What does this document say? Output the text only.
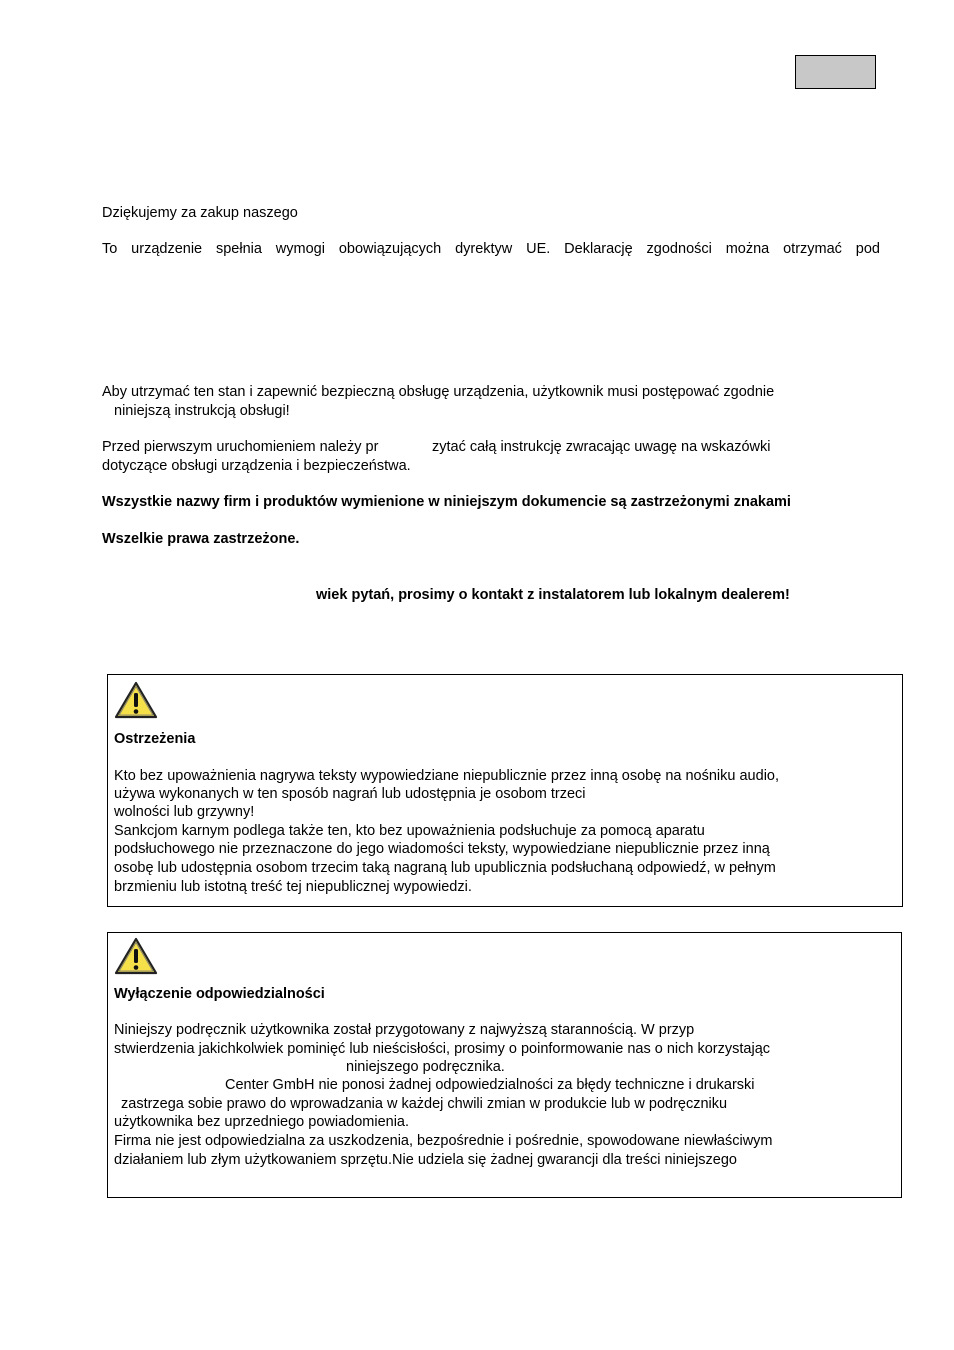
Dziękujemy za zakup naszego
To urządzenie spełnia wymogi obowiązujących dyrektyw UE. Deklarację zgodności można otrzymać pod
Aby utrzymać ten stan i zapewnić bezpieczną obsługę urządzenia, użytkownik musi postępować zgodnie
niniejszą instrukcją obsługi!
Przed pierwszym uruchomieniem należy pr	zytać całą instrukcję zwracając uwagę na wskazówki
dotyczące obsługi urządzenia i bezpieczeństwa.
Wszystkie nazwy firm i produktów wymienione w niniejszym dokumencie są zastrzeżonymi znakami
Wszelkie prawa zastrzeżone.
wiek pytań, prosimy o kontakt z instalatorem lub lokalnym dealerem!
Ostrzeżenia
Kto bez upoważnienia nagrywa teksty wypowiedziane niepublicznie przez inną osobę na nośniku audio,
używa wykonanych w ten sposób nagrań lub udostępnia je osobom trzeci
wolności lub grzywny!
Sankcjom karnym podlega także ten, kto bez upoważnienia podsłuchuje za pomocą aparatu
podsłuchowego nie przeznaczone do jego wiadomości teksty, wypowiedziane niepublicznie przez inną
osobę lub udostępnia osobom trzecim taką nagraną lub upublicznia podsłuchaną odpowiedź, w pełnym
brzmieniu lub istotną treść tej niepublicznej wypowiedzi.
Wyłączenie odpowiedzialności
Niniejszy podręcznik użytkownika został przygotowany z najwyższą starannością. W przyp
stwierdzenia jakichkolwiek pominięć lub nieścisłości, prosimy o poinformowanie nas o nich korzystając
niniejszego podręcznika.
Center GmbH nie ponosi żadnej odpowiedzialności za błędy techniczne i drukarski
zastrzega sobie prawo do wprowadzania w każdej chwili zmian w produkcie lub w podręczniku
użytkownika bez uprzedniego powiadomienia.
Firma nie jest odpowiedzialna za uszkodzenia, bezpośrednie i pośrednie, spowodowane niewłaściwym
działaniem lub złym użytkowaniem sprzętu.Nie udziela się żadnej gwarancji dla treści niniejszego
